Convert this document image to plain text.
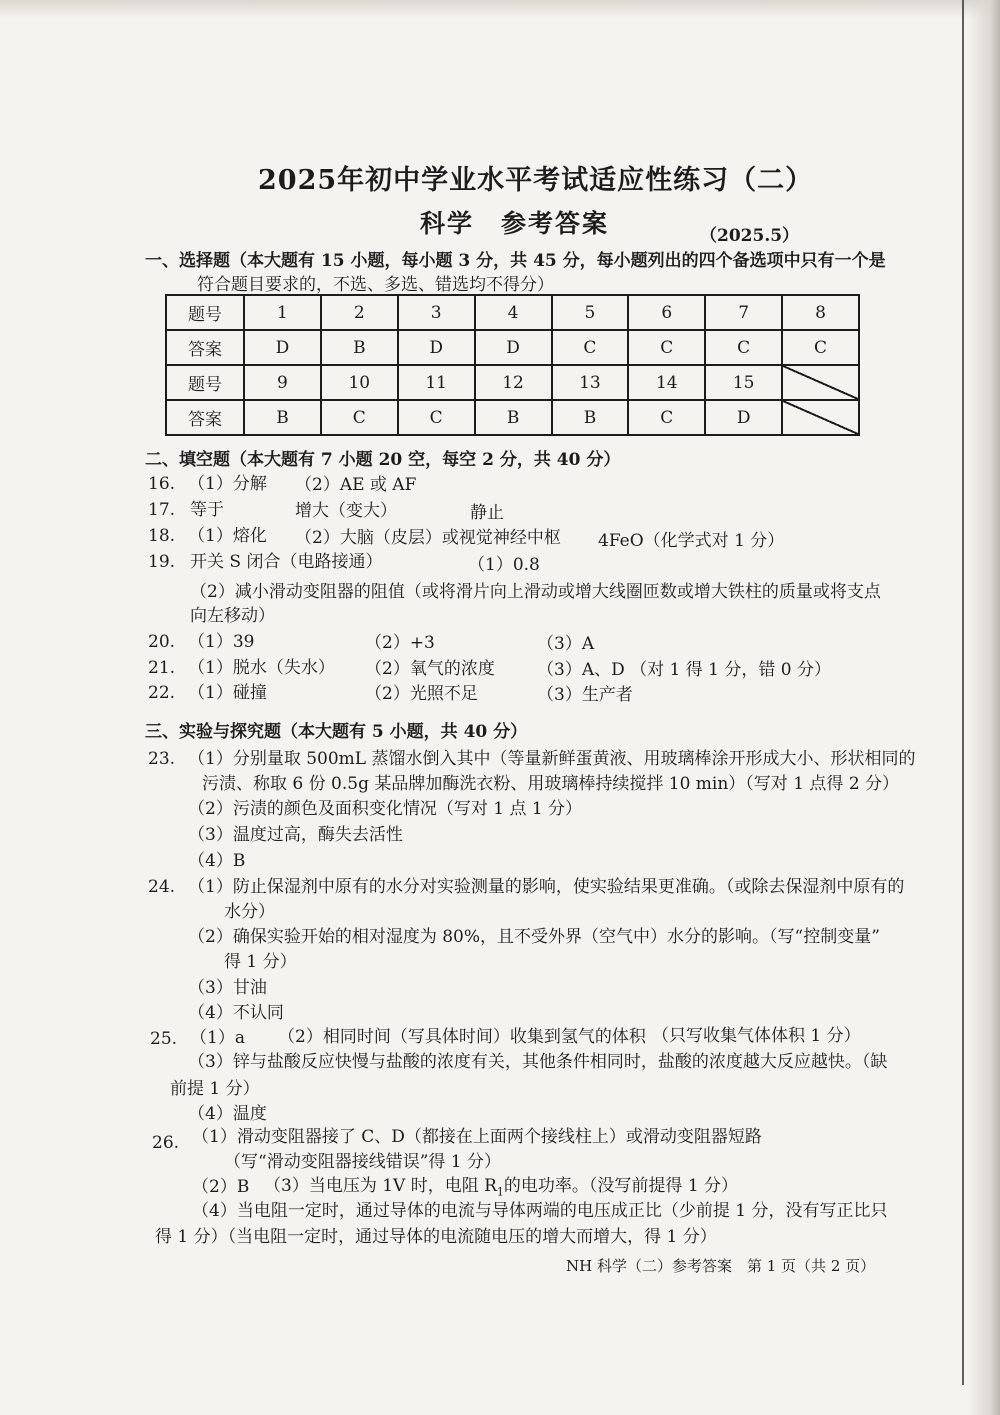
2025年初中学业水平考试适应性练习（二）
科学　参考答案	（2025.5）
一、选择题（本大题有 15 小题，每小题 3 分，共 45 分，每小题列出的四个备选项中只有一个是
符合题目要求的，不选、多选、错选均不得分）
题号	1	2	3	4	5	6	7	8
答案	D	B	D	D	C	C	C	C
题号	9	10	11	12	13	14	15	
答案	B	C	C	B	B	C	D	
二、填空题（本大题有 7 小题 20 空，每空 2 分，共 40 分）
16. （1）分解 （2）AE 或 AF
17. 等于	增大（变大）	静止
18. （1）熔化 （2）大脑（皮层）或视觉神经中枢 4FeO（化学式对 1 分）
19. 开关 S 闭合（电路接通）	（1）0.8
（2）减小滑动变阻器的阻值（或将滑片向上滑动或增大线圈匝数或增大铁柱的质量或将支点
向左移动）
20. （1）39	（2）+3	（3）A
21. （1）脱水（失水） （2）氧气的浓度 （3）A、D （对 1 得 1 分，错 0 分）
22. （1）碰撞	（2）光照不足	（3）生产者
三、实验与探究题（本大题有 5 小题，共 40 分）
23. （1）分别量取 500mL 蒸馏水倒入其中（等量新鲜蛋黄液、用玻璃棒涂开形成大小、形状相同的
污渍、称取 6 份 0.5g 某品牌加酶洗衣粉、用玻璃棒持续搅拌 10 min）（写对 1 点得 2 分）
（2）污渍的颜色及面积变化情况（写对 1 点 1 分）
（3）温度过高，酶失去活性
（4）B
24. （1）防止保湿剂中原有的水分对实验测量的影响，使实验结果更准确。（或除去保湿剂中原有的
水分）
（2）确保实验开始的相对湿度为 80%，且不受外界（空气中）水分的影响。（写“控制变量”
得 1 分）
（3）甘油
（4）不认同
25. （1）a （2）相同时间（写具体时间）收集到氢气的体积 （只写收集气体体积 1 分）
（3）锌与盐酸反应快慢与盐酸的浓度有关，其他条件相同时，盐酸的浓度越大反应越快。（缺
前提 1 分）
（4）温度
26. （1）滑动变阻器接了 C、D（都接在上面两个接线柱上）或滑动变阻器短路
（写“滑动变阻器接线错误”得 1 分）
（2）B （3）当电压为 1V 时，电阻 $R_1$的电功率。（没写前提得 1 分）
（4）当电阻一定时，通过导体的电流与导体两端的电压成正比（少前提 1 分，没有写正比只
得 1 分）（当电阻一定时，通过导体的电流随电压的增大而增大，得 1 分）
NH 科学（二）参考答案　第 1 页（共 2 页）
